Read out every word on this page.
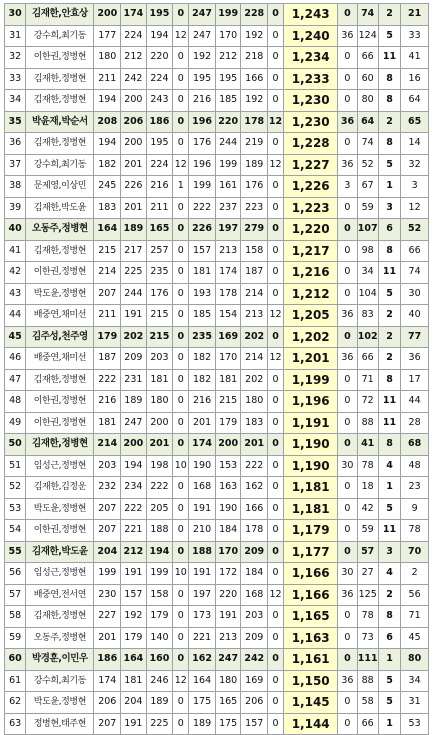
30	김재한,안효상	200	174	195	0	247	199	228	0	1,243	0	74	2	21
31	강수희,최기동	177	224	194	12	247	170	192	0	1,240	36	124	5	33
32	이한권,정병현	180	212	220	0	192	212	218	0	1,234	0	66	11	41
33	김재한,정병현	211	242	224	0	195	195	166	0	1,233	0	60	8	16
34	김재한,정병현	194	200	243	0	216	185	192	0	1,230	0	80	8	64
35	박윤재,박순서	208	206	186	0	196	220	178	12	1,230	36	64	2	65
36	김재한,정병현	194	200	195	0	176	244	219	0	1,228	0	74	8	14
37	강수희,최기동	182	201	224	12	196	199	189	12	1,227	36	52	5	32
38	문제영,이상민	245	226	216	1	199	161	176	0	1,226	3	67	1	3
39	김재한,박도윤	183	201	211	0	222	237	223	0	1,223	0	59	3	12
40	오동주,정병현	164	189	165	0	226	197	279	0	1,220	0	107	6	52
41	김재한,정병현	215	217	257	0	157	213	158	0	1,217	0	98	8	66
42	이한권,정병현	214	225	235	0	181	174	187	0	1,216	0	34	11	74
43	박도윤,정병현	207	244	176	0	193	178	214	0	1,212	0	104	5	30
44	배중연,채미선	211	191	215	0	185	154	213	12	1,205	36	83	2	40
45	김주성,천주영	179	202	215	0	235	169	202	0	1,202	0	102	2	77
46	배중연,채미선	187	209	203	0	182	170	214	12	1,201	36	66	2	36
47	김재한,정병현	222	231	181	0	182	181	202	0	1,199	0	71	8	17
48	이한권,정병현	216	189	180	0	216	215	180	0	1,196	0	72	11	44
49	이한권,정병현	181	247	200	0	201	179	183	0	1,191	0	88	11	28
50	김재한,정병현	214	200	201	0	174	200	201	0	1,190	0	41	8	68
51	임성근,정병현	203	194	198	10	190	153	222	0	1,190	30	78	4	48
52	김재한,김정운	232	234	222	0	168	163	162	0	1,181	0	18	1	23
53	박도윤,정병현	207	222	205	0	191	190	166	0	1,181	0	42	5	9
54	이한권,정병현	207	221	188	0	210	184	178	0	1,179	0	59	11	78
55	김재한,박도윤	204	212	194	0	188	170	209	0	1,177	0	57	3	70
56	임성근,정병현	199	191	199	10	191	172	184	0	1,166	30	27	4	2
57	배중연,전서연	230	157	158	0	197	220	168	12	1,166	36	125	2	56
58	김재한,정병현	227	192	179	0	173	191	203	0	1,165	0	78	8	71
59	오동주,정병현	201	179	140	0	221	213	209	0	1,163	0	73	6	45
60	박경훈,이민우	186	164	160	0	162	247	242	0	1,161	0	111	1	80
61	강수희,최기동	174	181	246	12	164	180	169	0	1,150	36	88	5	34
62	박도윤,정병현	206	204	189	0	175	165	206	0	1,145	0	58	5	31
63	정병현,태주현	207	191	225	0	189	175	157	0	1,144	0	66	1	53
